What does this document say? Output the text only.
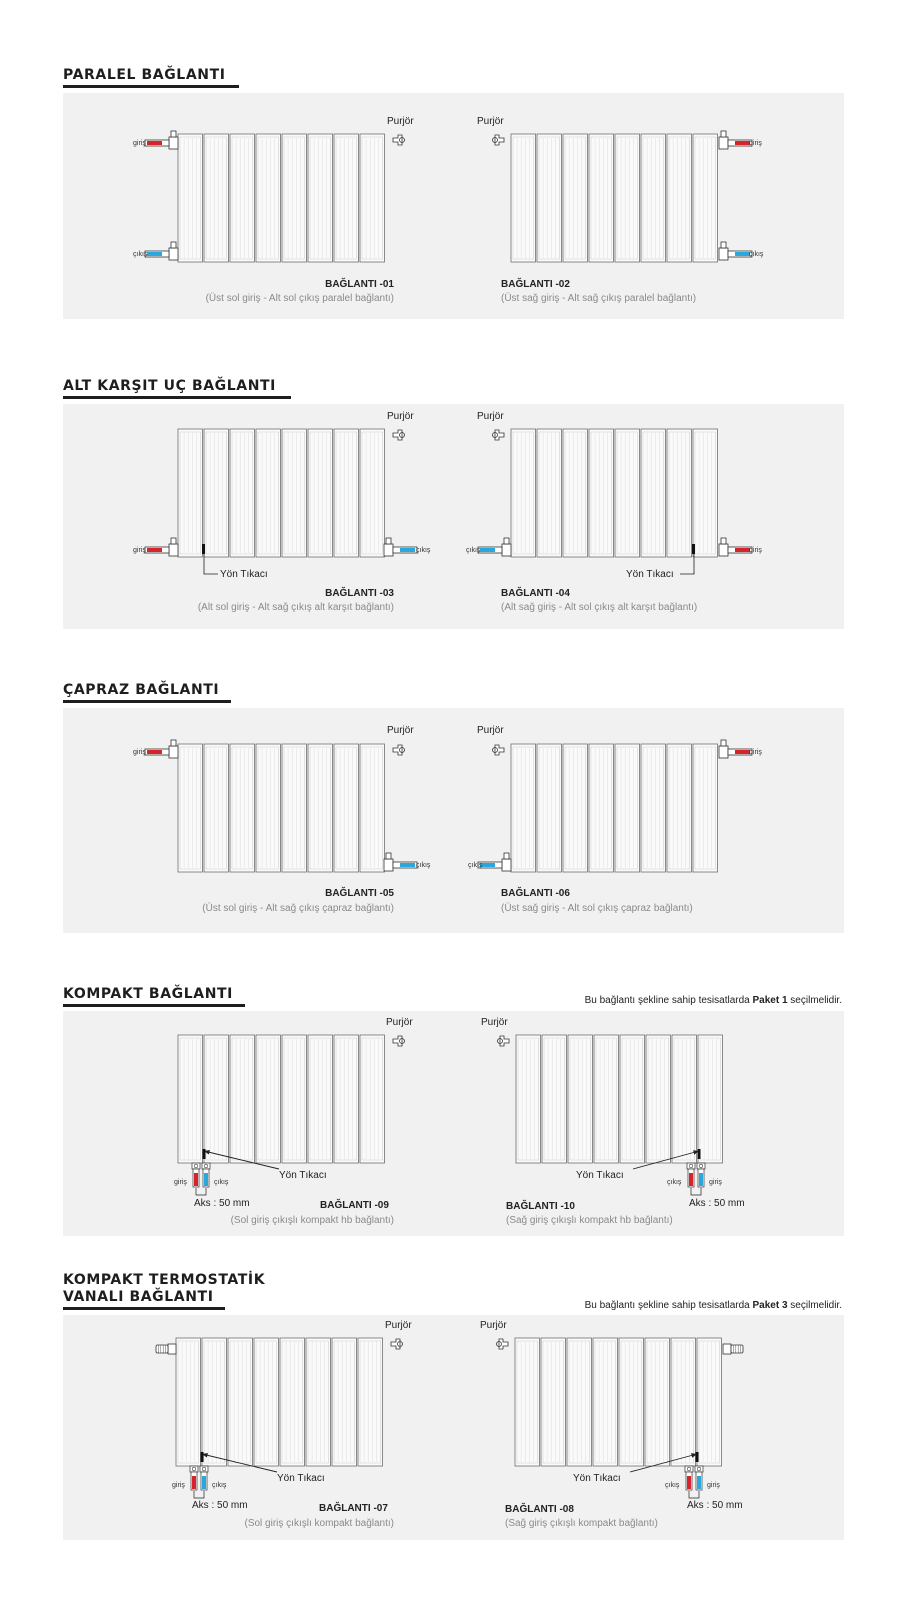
PARALEL BAĞLANTI
Purjör	Purjör
giriş
çıkış
giriş
çıkış
BAĞLANTI -01
(Üst sol giriş - Alt sol çıkış paralel bağlantı)
BAĞLANTI -02
(Üst sağ giriş - Alt sağ çıkış paralel bağlantı)
ALT KARŞIT UÇ BAĞLANTI
Purjör	Purjör
giriş	çıkış	çıkış	giriş
Yön Tıkacı	Yön Tıkacı
BAĞLANTI -03
(Alt sol giriş - Alt sağ çıkış alt karşıt bağlantı)
BAĞLANTI -04
(Alt sağ giriş - Alt sol çıkış alt karşıt bağlantı)
ÇAPRAZ BAĞLANTI
Purjör	Purjör
giriş
çıkış	çıkış
giriş
BAĞLANTI -05
(Üst sol giriş - Alt sağ çıkış çapraz bağlantı)
BAĞLANTI -06
(Üst sağ giriş - Alt sol çıkış çapraz bağlantı)
KOMPAKT BAĞLANTI	Bu bağlantı şekline sahip tesisatlarda Paket 1 seçilmelidir.
Purjör	Purjör
Yön Tıkacı	Yön Tıkacı
giriş	çıkış	çıkış	giriş
Aks : 50 mm	Aks : 50 mm
BAĞLANTI -09
(Sol giriş çıkışlı kompakt hb bağlantı)
BAĞLANTI -10
(Sağ giriş çıkışlı kompakt hb bağlantı)
KOMPAKT TERMOSTATİK
VANALI BAĞLANTI
Bu bağlantı şekline sahip tesisatlarda Paket 3 seçilmelidir.
Purjör	Purjör
Yön Tıkacı	Yön Tıkacı
giriş	çıkış	çıkış	giriş
Aks : 50 mm	Aks : 50 mm
BAĞLANTI -07
(Sol giriş çıkışlı kompakt bağlantı)
BAĞLANTI -08
(Sağ giriş çıkışlı kompakt bağlantı)
